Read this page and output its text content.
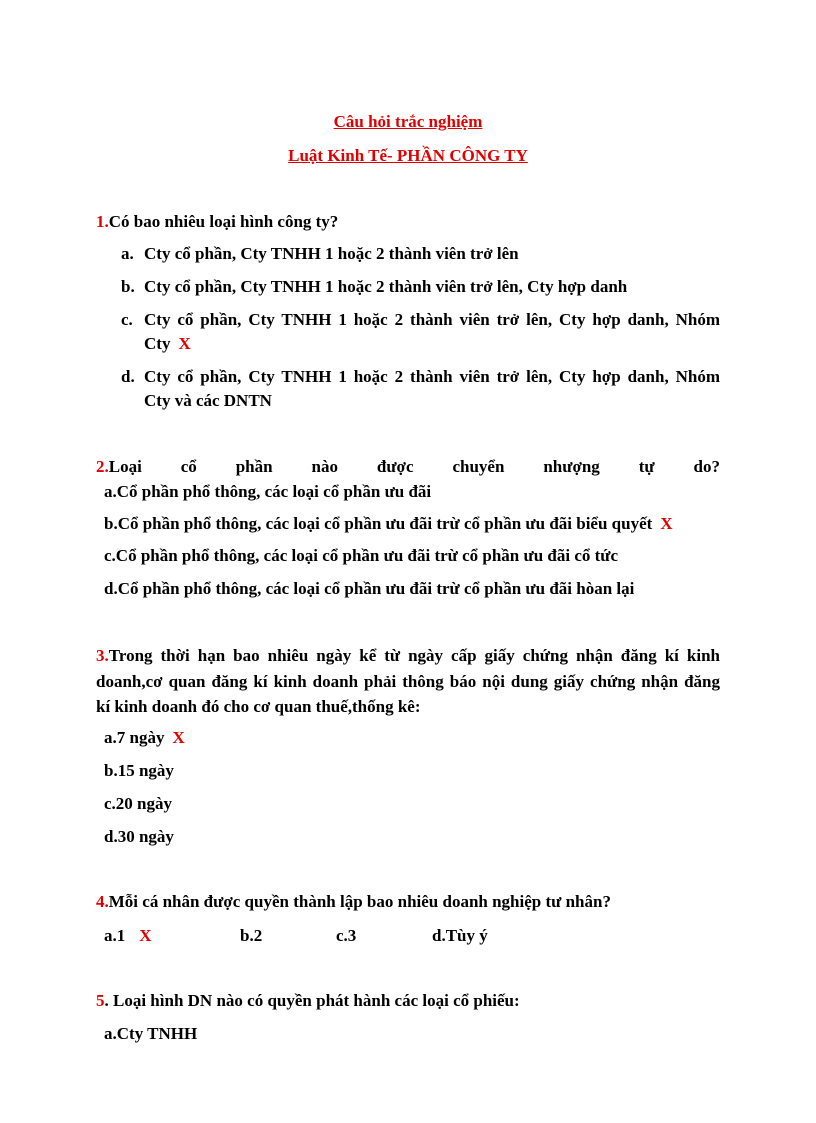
Câu hỏi trắc nghiệm
Luật Kinh Tế- PHẦN CÔNG TY
1.Có bao nhiêu loại hình công ty?
a. Cty cổ phần, Cty TNHH 1 hoặc 2 thành viên trở lên
b. Cty cổ phần, Cty TNHH 1 hoặc 2 thành viên trở lên, Cty hợp danh
c. Cty cổ phần, Cty TNHH 1 hoặc 2 thành viên trở lên, Cty hợp danh, Nhóm
Cty X
d. Cty cổ phần, Cty TNHH 1 hoặc 2 thành viên trở lên, Cty hợp danh, Nhóm
Cty và các DNTN
2.Loại cổ phần nào được chuyển nhượng tự do?
a.Cổ phần phổ thông, các loại cổ phần ưu đãi
b.Cổ phần phổ thông, các loại cổ phần ưu đãi trừ cổ phần ưu đãi biểu quyết X
c.Cổ phần phổ thông, các loại cổ phần ưu đãi trừ cổ phần ưu đãi cổ tức
d.Cổ phần phổ thông, các loại cổ phần ưu đãi trừ cổ phần ưu đãi hòan lại
3.Trong thời hạn bao nhiêu ngày kể từ ngày cấp giấy chứng nhận đăng kí kinh
doanh,cơ quan đăng kí kinh doanh phải thông báo nội dung giấy chứng nhận đăng
kí kinh doanh đó cho cơ quan thuế,thống kê:
a.7 ngày X
b.15 ngày
c.20 ngày
d.30 ngày
4.Mỗi cá nhân được quyền thành lập bao nhiêu doanh nghiệp tư nhân?
a.1 X	b.2	c.3	d.Tùy ý
5. Loại hình DN nào có quyền phát hành các loại cổ phiếu:
a.Cty TNHH
